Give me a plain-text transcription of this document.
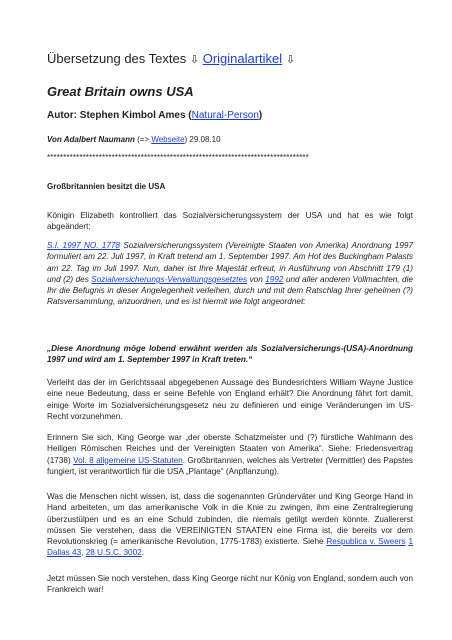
Übersetzung des Textes ⇩ Originalartikel ⇩
Great Britain owns USA
Autor: Stephen Kimbol Ames (Natural-Person)
Von Adalbert Naumann (=> Webseite) 29.08.10
*********************************************************************************
Großbritannien besitzt die USA

Königin Elizabeth kontrolliert das Sozialversicherungssystem der USA und hat es wie folgt abgeändert:

S.I. 1997 NO. 1778 Sozialversicherungssystem (Vereinigte Staaten von Amerika) Anordnung 1997 formuliert am 22. Juli 1997, in Kraft tretend am 1. September 1997. Am Hof des Buckingham Palasts am 22. Tag im Juli 1997. Nun, daher ist Ihre Majestät erfreut, in Ausführung von Abschnitt 179 (1) und (2) des Sozialversicherungs-Verwaltungsgesetztes von 1992 und aller anderen Vollmachten, die Ihr die Befugnis in dieser Angelegenheit verleihen, durch und mit dem Ratschlag Ihrer geheimen (?) Ratsversammlung, anzuordnen, und es ist hiermit wie folgt angeordnet:

„Diese Anordnung möge lobend erwähnt werden als Sozialversicherungs-(USA)-Anordnung 1997 und wird am 1. September 1997 in Kraft treten.“

Verleiht das der im Gerichtssaal abgegebenen Aussage des Bundesrichters William Wayne Justice eine neue Bedeutung, dass er seine Befehle von England erhält? Die Anordnung fährt fort damit, einige Worte im Sozialversicherungsgesetz neu zu definieren und einige Veränderungen im US-Recht vorzunehmen.

Erinnern Sie sich, King George war „der oberste Schatzmeister und (?) fürstliche Wahlmann des Heiligen Römischen Reiches und der Vereinigten Staaten von Amerika“. Siehe: Friedensvertrag (1738) Vol. 8 allgemeine US-Statuten. Großbritannien, welches als Vertreter (Vermittler) des Papstes fungiert, ist verantwortlich für die USA „Plantage“ (Anpflanzung).

Was die Menschen nicht wissen, ist, dass die sogenannten Gründerväter und King George Hand in Hand arbeiteten, um das amerikanische Volk in die Knie zu zwingen, ihm eine Zentralregierung überzustülpen und es an eine Schuld zubinden, die niemals getilgt werden könnte. Zuallererst müssen Sie verstehen, dass die VEREINIGTEN STAATEN eine Firma ist, die bereits vor dem Revolutionskrieg (= amerikanische Revolution, 1775-1783) existierte. Siehe Respublica v. Sweers 1 Dallas 43, 28 U.S.C. 3002.

Jetzt müssen Sie noch verstehen, dass King George nicht nur König von England, sondern auch von Frankreich war!
